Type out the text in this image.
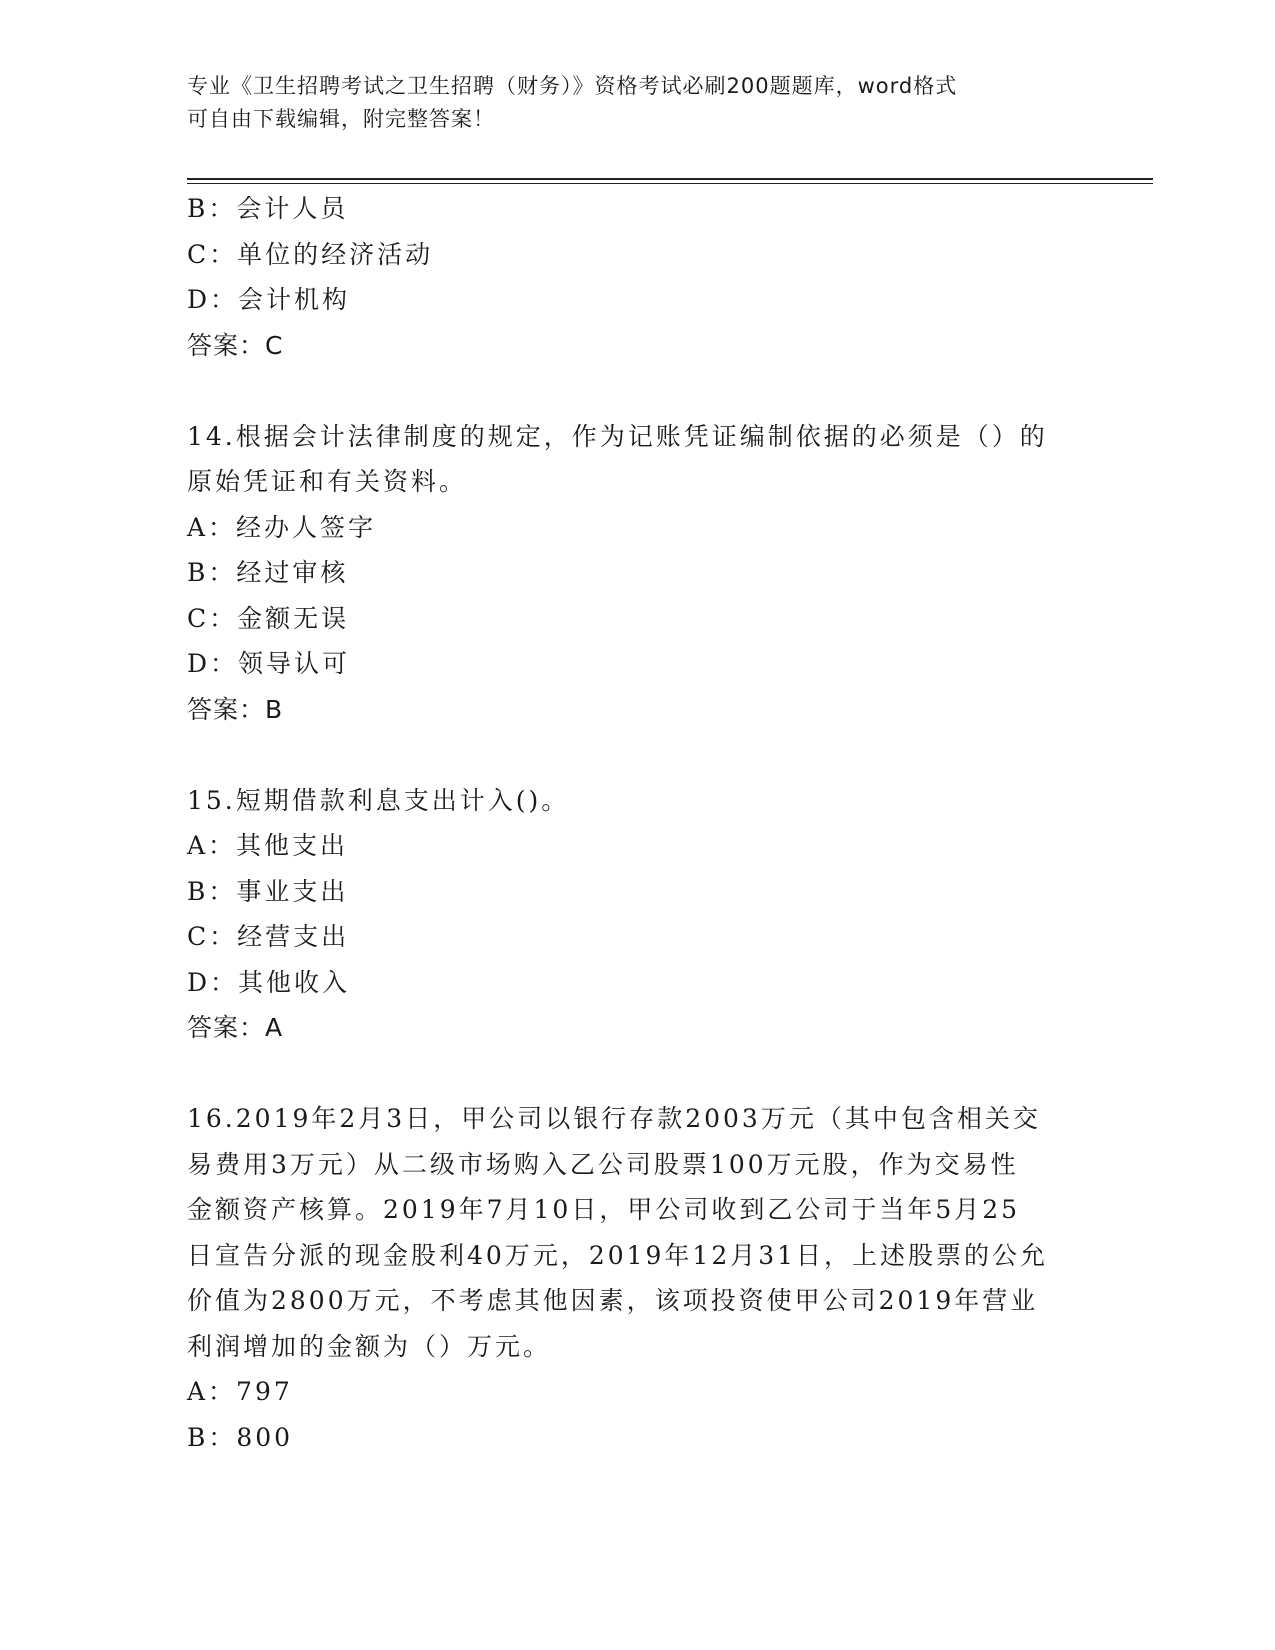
专业《卫生招聘考试之卫生招聘（财务）》资格考试必刷200题题库，word格式
可自由下载编辑，附完整答案！

B：会计人员

C：单位的经济活动

D：会计机构

答案：C

14.根据会计法律制度的规定，作为记账凭证编制依据的必须是（）的

原始凭证和有关资料。

A：经办人签字

B：经过审核

C：金额无误

D：领导认可

答案：B

15.短期借款利息支出计入()。

A：其他支出

B：事业支出

C：经营支出

D：其他收入

答案：A

16.2019年2月3日，甲公司以银行存款2003万元（其中包含相关交

易费用3万元）从二级市场购入乙公司股票100万元股，作为交易性

金额资产核算。2019年7月10日，甲公司收到乙公司于当年5月25

日宣告分派的现金股利40万元，2019年12月31日，上述股票的公允

价值为2800万元，不考虑其他因素，该项投资使甲公司2019年营业

利润增加的金额为（）万元。

A：797

B：800
